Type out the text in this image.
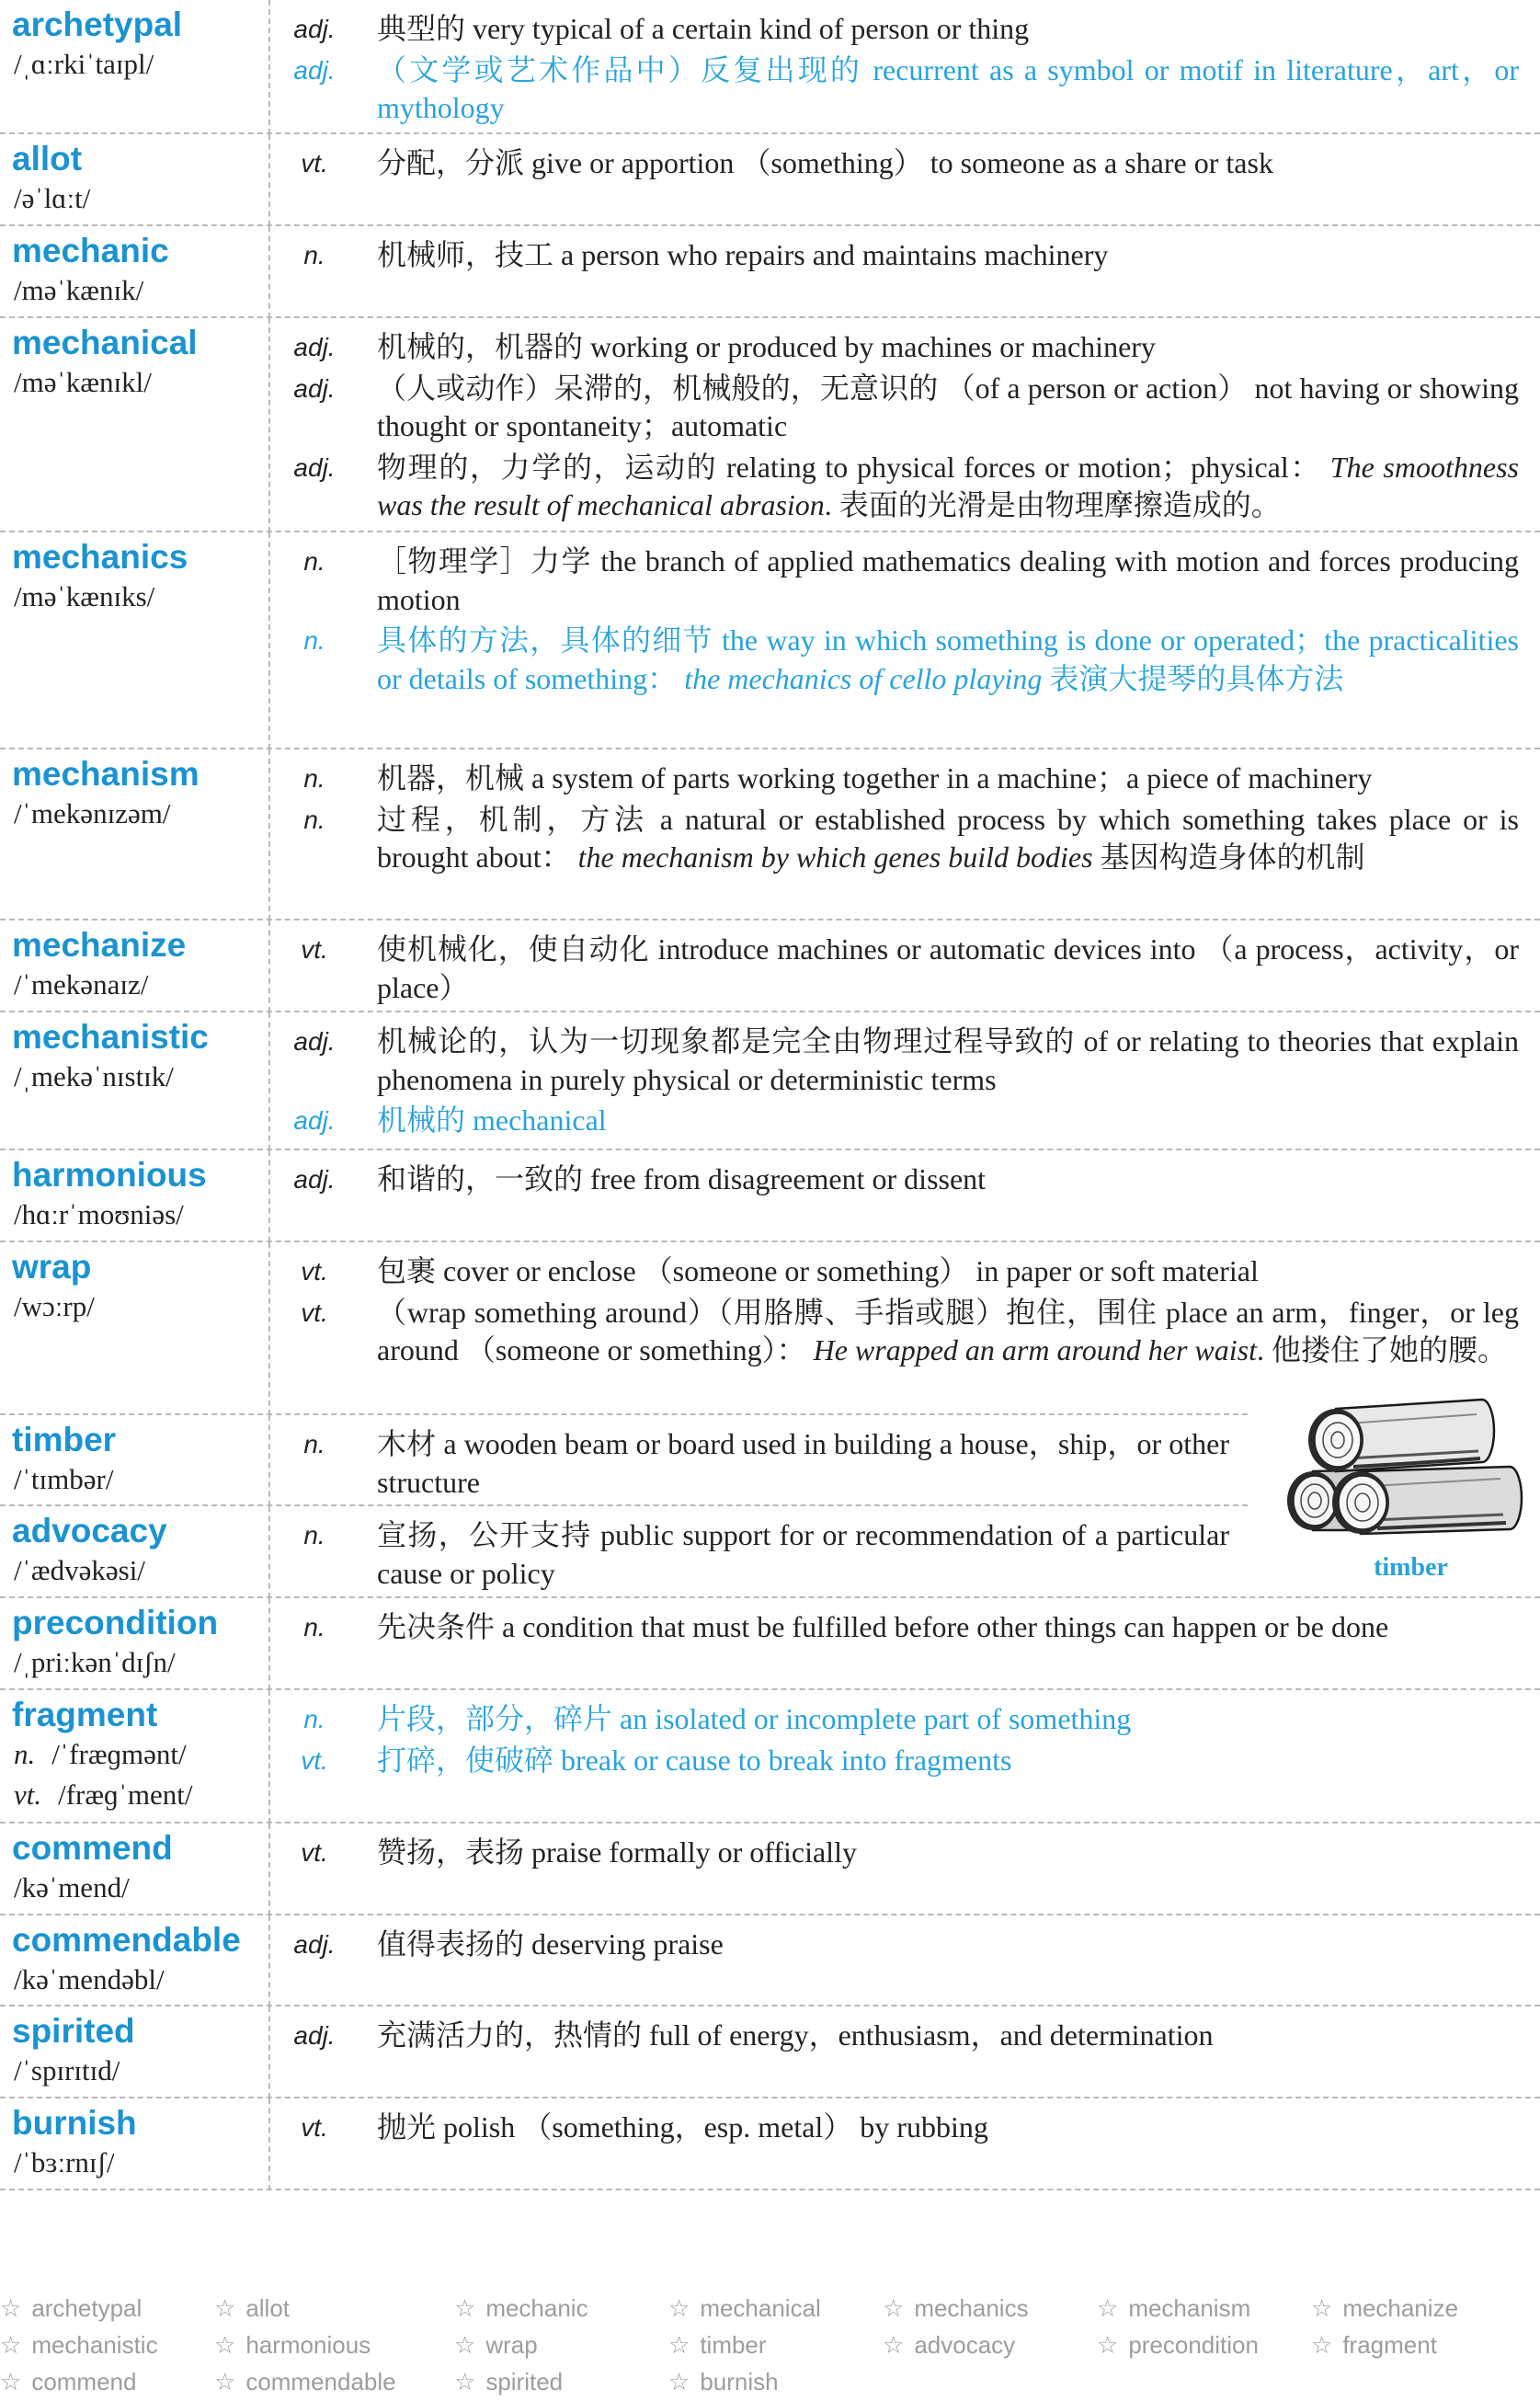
archetypal
/ˌɑːrkiˈtaɪpl/
adj.	典型的 very typical of a certain kind of person or thing
adj.	（文学或艺术作品中）反复出现的 recurrent as a symbol or motif in literature，art，or mythology
allot
/əˈlɑːt/
vt.	分配，分派 give or apportion （something） to someone as a share or task
mechanic
/məˈkænɪk/
n.	机械师，技工 a person who repairs and maintains machinery
mechanical
/məˈkænɪkl/
adj.	机械的，机器的 working or produced by machines or machinery
adj.	（人或动作）呆滞的，机械般的，无意识的 （of a person or action） not having or showing thought or spontaneity；automatic
adj.	物理的，力学的，运动的 relating to physical forces or motion；physical： The smoothness was the result of mechanical abrasion. 表面的光滑是由物理摩擦造成的。
mechanics
/məˈkænɪks/
n.	［物理学］力学 the branch of applied mathematics dealing with motion and forces producing motion
n.	具体的方法，具体的细节 the way in which something is done or operated；the practicalities or details of something： the mechanics of cello playing 表演大提琴的具体方法
mechanism
/ˈmekənɪzəm/
n.	机器，机械 a system of parts working together in a machine；a piece of machinery
n.	过程，机制，方法 a natural or established process by which something takes place or is brought about： the mechanism by which genes build bodies 基因构造身体的机制
mechanize
/ˈmekənaɪz/
vt.	使机械化，使自动化 introduce machines or automatic devices into （a process，activity，or place）
mechanistic
/ˌmekəˈnɪstɪk/
adj.	机械论的，认为一切现象都是完全由物理过程导致的 of or relating to theories that explain phenomena in purely physical or deterministic terms
adj.	机械的 mechanical
harmonious
/hɑːrˈmoʊniəs/
adj.	和谐的，一致的 free from disagreement or dissent
wrap
/wɔːrp/
vt.	包裹 cover or enclose （someone or something） in paper or soft material
vt.	（wrap something around）（用胳膊、手指或腿）抱住，围住 place an arm，finger，or leg around （someone or something）： He wrapped an arm around her waist. 他搂住了她的腰。
timber
/ˈtɪmbər/
n.	木材 a wooden beam or board used in building a house，ship，or other structure
advocacy
/ˈædvəkəsi/
n.	宣扬，公开支持 public support for or recommendation of a particular cause or policy
precondition
/ˌpriːkənˈdɪʃn/
n.	先决条件 a condition that must be fulfilled before other things can happen or be done
fragment
n. /ˈfræɡmənt/
vt. /fræɡˈment/
n.	片段，部分，碎片 an isolated or incomplete part of something
vt.	打碎，使破碎 break or cause to break into fragments
commend
/kəˈmend/
vt.	赞扬，表扬 praise formally or officially
commendable
/kəˈmendəbl/
adj.	值得表扬的 deserving praise
spirited
/ˈspɪrɪtɪd/
adj.	充满活力的，热情的 full of energy，enthusiasm，and determination
burnish
/ˈbɜːrnɪʃ/
vt.	抛光 polish （something，esp. metal） by rubbing
timber
☆ archetypal ☆	allot ☆	mechanic ☆	mechanical ☆	mechanics ☆	mechanism ☆	mechanize
☆ mechanistic ☆	harmonious ☆	wrap ☆	timber ☆	advocacy ☆	precondition ☆	fragment
☆ commend ☆	commendable ☆	spirited ☆	burnish
